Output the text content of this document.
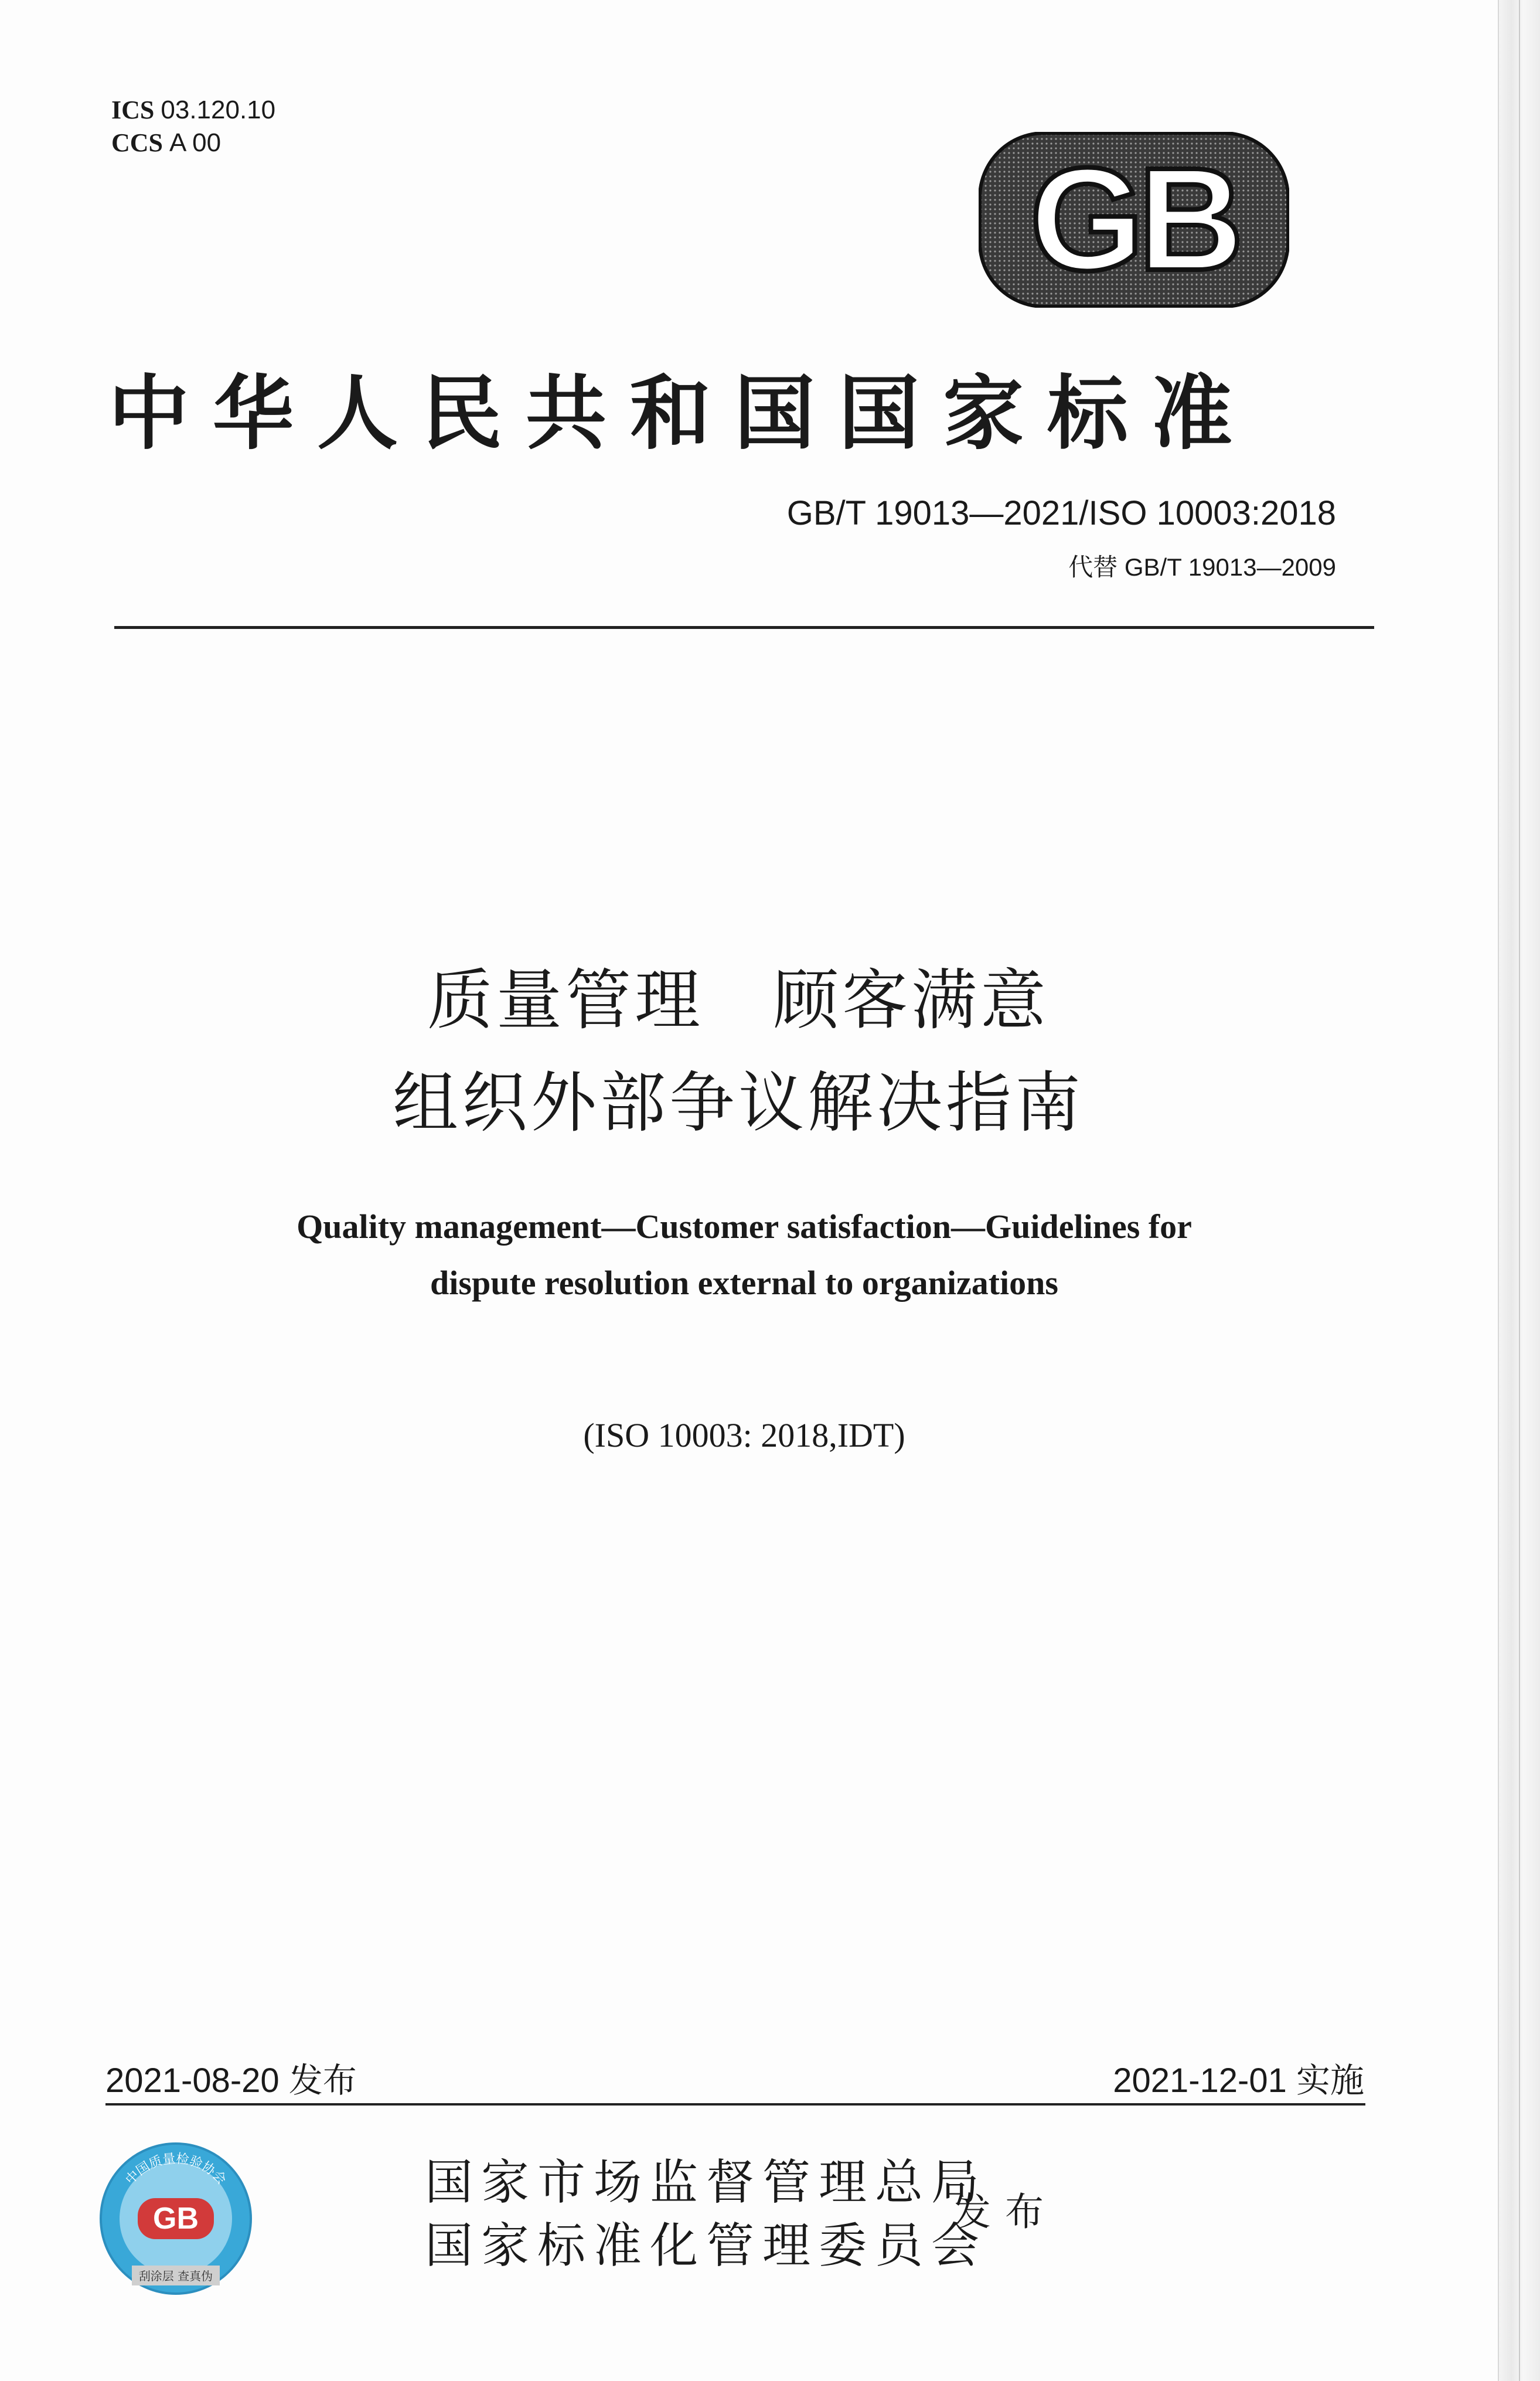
ICS 03.120.10
CCS A 00	GB
中华人民共和国国家标准
GB/T 19013—2021/ISO 10003:2018
代替 GB/T 19013—2009
质量管理　顾客满意
组织外部争议解决指南
Quality management—Customer satisfaction—Guidelines for
dispute resolution external to organizations
(ISO 10003: 2018,IDT)
2021-08-20 发布	2021-12-01 实施
中国质量检验协会
GB
刮涂层 查真伪
国家市场监督管理总局
国家标准化管理委员会
发布
